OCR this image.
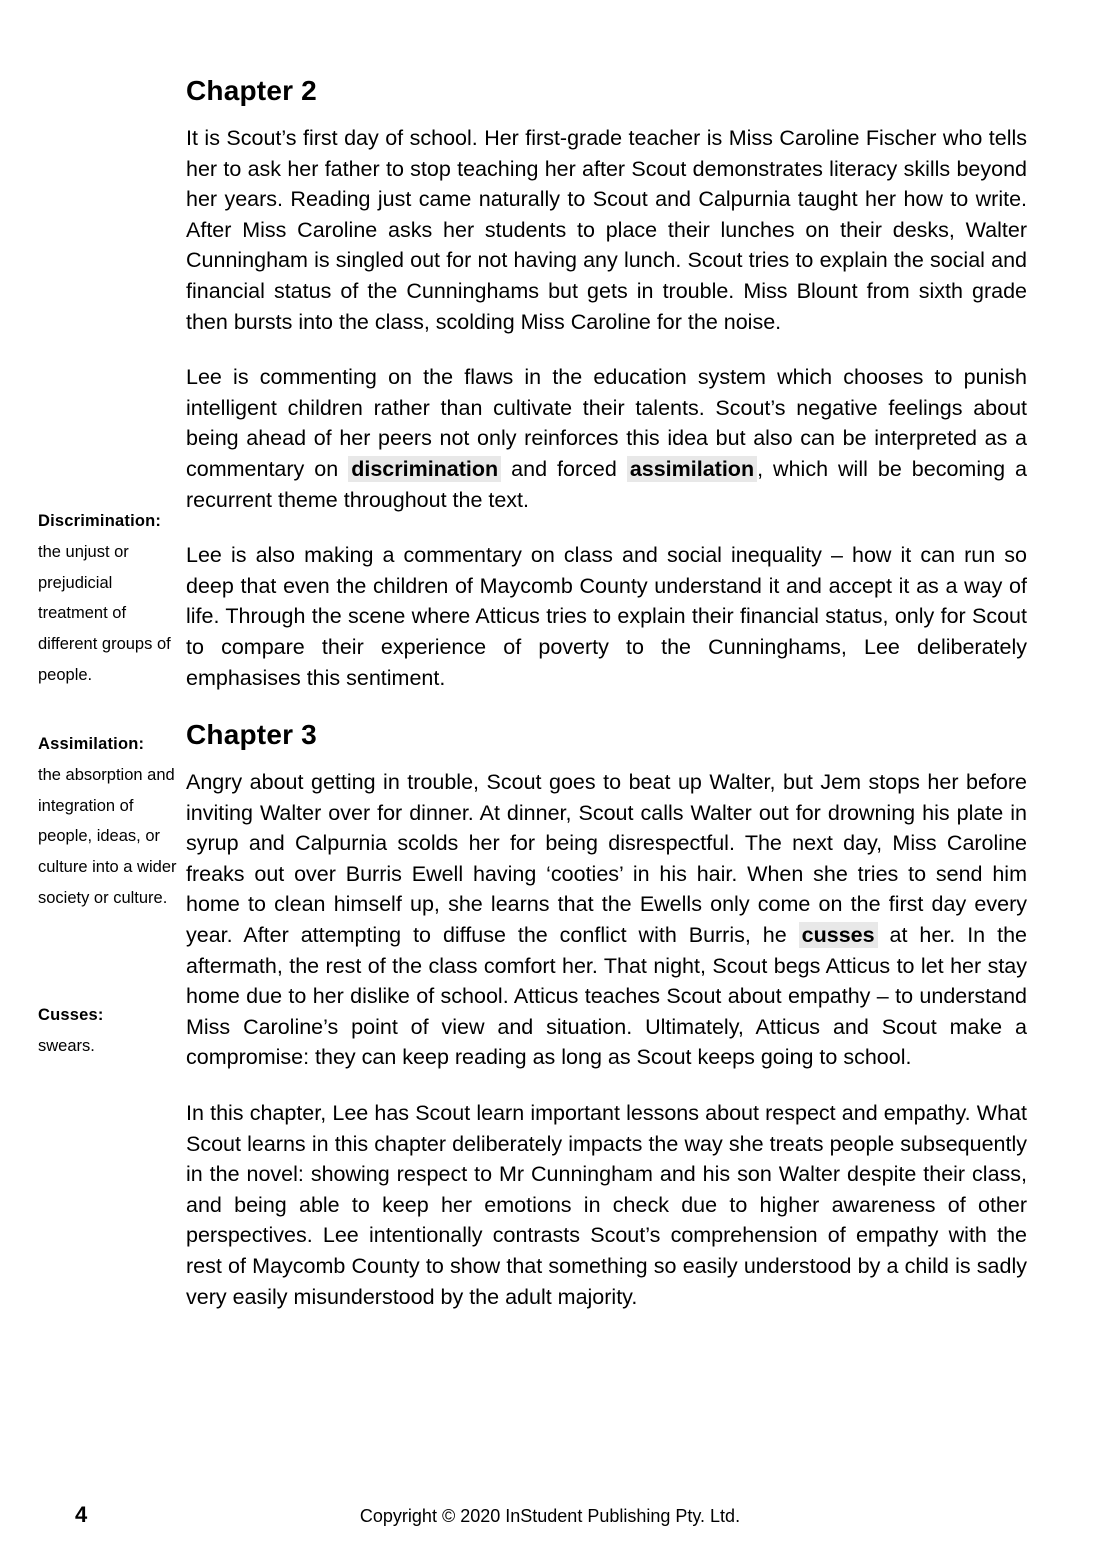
Discrimination:
the unjust or prejudicial treatment of different groups of people.
Assimilation:
the absorption and integration of people, ideas, or culture into a wider society or culture.
Cusses:
swears.
Chapter 2

It is Scout’s first day of school. Her first-grade teacher is Miss Caroline Fischer who tells her to ask her father to stop teaching her after Scout demonstrates literacy skills beyond her years. Reading just came naturally to Scout and Calpurnia taught her how to write. After Miss Caroline asks her students to place their lunches on their desks, Walter Cunningham is singled out for not having any lunch. Scout tries to explain the social and financial status of the Cunninghams but gets in trouble. Miss Blount from sixth grade then bursts into the class, scolding Miss Caroline for the noise.

Lee is commenting on the flaws in the education system which chooses to punish intelligent children rather than cultivate their talents. Scout’s negative feelings about being ahead of her peers not only reinforces this idea but also can be interpreted as a commentary on discrimination and forced assimilation , which will be becoming a recurrent theme throughout the text.

Lee is also making a commentary on class and social inequality – how it can run so deep that even the children of Maycomb County understand it and accept it as a way of life. Through the scene where Atticus tries to explain their financial status, only for Scout to compare their experience of poverty to the Cunninghams, Lee deliberately emphasises this sentiment.

Chapter 3

Angry about getting in trouble, Scout goes to beat up Walter, but Jem stops her before inviting Walter over for dinner. At dinner, Scout calls Walter out for drowning his plate in syrup and Calpurnia scolds her for being disrespectful. The next day, Miss Caroline freaks out over Burris Ewell having ‘cooties’ in his hair. When she tries to send him home to clean himself up, she learns that the Ewells only come on the first day every year. After attempting to diffuse the conflict with Burris, he cusses at her. In the aftermath, the rest of the class comfort her. That night, Scout begs Atticus to let her stay home due to her dislike of school. Atticus teaches Scout about empathy – to understand Miss Caroline’s point of view and situation. Ultimately, Atticus and Scout make a compromise: they can keep reading as long as Scout keeps going to school.

In this chapter, Lee has Scout learn important lessons about respect and empathy. What Scout learns in this chapter deliberately impacts the way she treats people subsequently in the novel: showing respect to Mr Cunningham and his son Walter despite their class, and being able to keep her emotions in check due to higher awareness of other perspectives. Lee intentionally contrasts Scout’s comprehension of empathy with the rest of Maycomb County to show that something so easily understood by a child is sadly very easily misunderstood by the adult majority.

4	Copyright © 2020 InStudent Publishing Pty. Ltd.
